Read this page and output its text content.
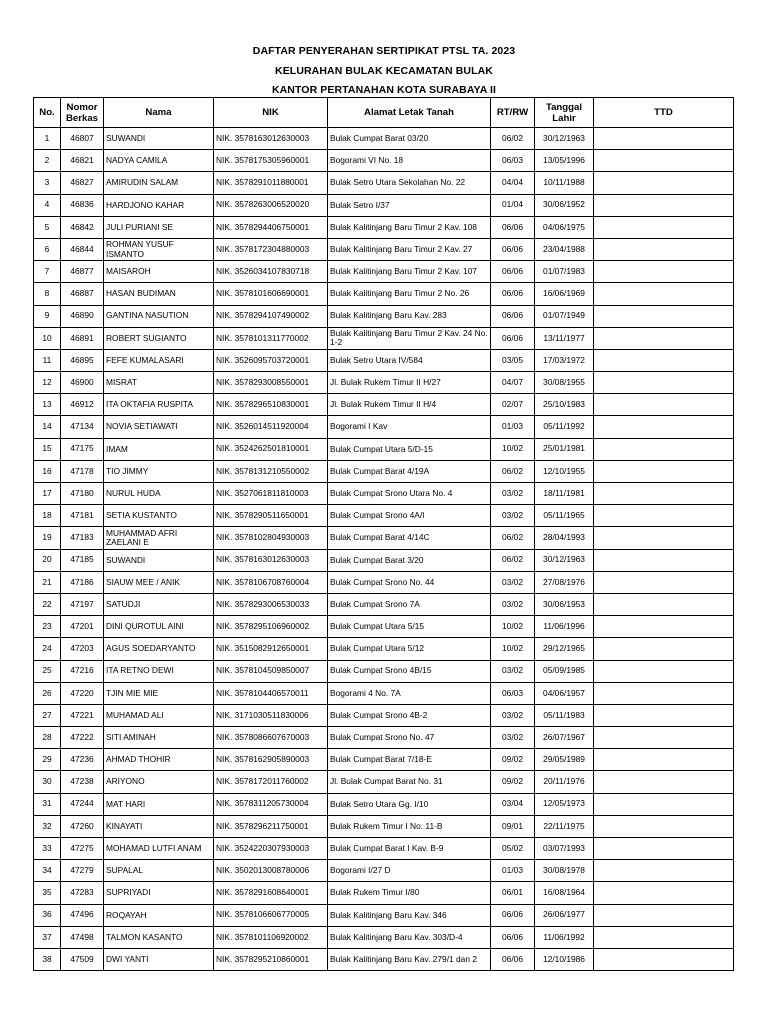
DAFTAR PENYERAHAN SERTIPIKAT PTSL TA. 2023
KELURAHAN BULAK KECAMATAN BULAK
KANTOR PERTANAHAN KOTA SURABAYA II
No.	Nomor Berkas	Nama	NIK	Alamat Letak Tanah	RT/RW	Tanggal Lahir	TTD
1	46807	SUWANDI	NIK. 3578163012630003	Bulak Cumpat Barat 03/20	06/02	30/12/1963	
2	46821	NADYA CAMILA	NIK. 3578175305960001	Bogorami VI No. 18	06/03	13/05/1996	
3	46827	AMIRUDIN SALAM	NIK. 3578291011880001	Bulak Setro Utara Sekolahan No. 22	04/04	10/11/1988	
4	46836	HARDJONO KAHAR	NIK. 3578263006520020	Bulak Setro I/37	01/04	30/06/1952	
5	46842	JULI PURIANI SE	NIK. 3578294406750001	Bulak Kalitinjang Baru Timur 2 Kav. 108	06/06	04/06/1975	
6	46844	ROHMAN YUSUF ISMANTO	NIK. 3578172304880003	Bulak Kalitinjang Baru Timur 2 Kav. 27	06/06	23/04/1988	
7	46877	MAISAROH	NIK. 3526034107830718	Bulak Kalitinjang Baru Timur 2 Kav. 107	06/06	01/07/1983	
8	46887	HASAN BUDIMAN	NIK. 3578101606690001	Bulak Kalitinjang Baru Timur 2 No. 26	06/06	16/06/1969	
9	46890	GANTINA NASUTION	NIK. 3578294107490002	Bulak Kalitinjang Baru Kav. 283	06/06	01/07/1949	
10	46891	ROBERT SUGIANTO	NIK. 3578101311770002	Bulak Kalitinjang Baru Timur 2 Kav. 24 No. 1-2	06/06	13/11/1977	
11	46895	FEFE KUMALASARI	NIK. 3526095703720001	Bulak Setro Utara IV/584	03/05	17/03/1972	
12	46900	MISRAT	NIK. 3578293008550001	Jl. Bulak Rukem Timur II H/27	04/07	30/08/1955	
13	46912	ITA OKTAFIA RUSPITA	NIK. 3578296510830001	Jl. Bulak Rukem Timur II H/4	02/07	25/10/1983	
14	47134	NOVIA SETIAWATI	NIK. 3526014511920004	Bogorami I Kav	01/03	05/11/1992	
15	47175	IMAM	NIK. 3524262501810001	Bulak Cumpat Utara 5/D-15	10/02	25/01/1981	
16	47178	TIO JIMMY	NIK. 3578131210550002	Bulak Cumpat Barat 4/19A	06/02	12/10/1955	
17	47180	NURUL HUDA	NIK. 3527061811810003	Bulak Cumpat Srono Utara No. 4	03/02	18/11/1981	
18	47181	SETIA KUSTANTO	NIK. 3578290511650001	Bulak Cumpat Srono 4A/I	03/02	05/11/1965	
19	47183	MUHAMMAD AFRI ZAELANI E	NIK. 3578102804930003	Bulak Cumpat Barat 4/14C	06/02	28/04/1993	
20	47185	SUWANDI	NIK. 3578163012630003	Bulak Cumpat Barat 3/20	06/02	30/12/1963	
21	47186	SIAUW MEE / ANIK	NIK. 3578106708760004	Bulak Cumpat Srono No. 44	03/02	27/08/1976	
22	47197	SATUDJI	NIK. 3578293006530033	Bulak Cumpat Srono 7A	03/02	30/06/1953	
23	47201	DINI QUROTUL AINI	NIK. 3578295106960002	Bulak Cumpat Utara 5/15	10/02	11/06/1996	
24	47203	AGUS SOEDARYANTO	NIK. 3515082912650001	Bulak Cumpat Utara 5/12	10/02	29/12/1965	
25	47216	ITA RETNO DEWI	NIK. 3578104509850007	Bulak Cumpat Srono 4B/15	03/02	05/09/1985	
26	47220	TJIN MIE MIE	NIK. 3578104406570011	Bogorami 4 No. 7A	06/03	04/06/1957	
27	47221	MUHAMAD ALI	NIK. 3171030511830006	Bulak Cumpat Srono 4B-2	03/02	05/11/1983	
28	47222	SITI AMINAH	NIK. 3578086607670003	Bulak Cumpat Srono No. 47	03/02	26/07/1967	
29	47236	AHMAD THOHIR	NIK. 3578162905890003	Bulak Cumpat Barat 7/18-E	09/02	29/05/1989	
30	47238	ARIYONO	NIK. 3578172011760002	Jl. Bulak Cumpat Barat No. 31	09/02	20/11/1976	
31	47244	MAT HARI	NIK. 3578311205730004	Bulak Setro Utara Gg. I/10	03/04	12/05/1973	
32	47260	KINAYATI	NIK. 3578296211750001	Bulak Rukem Timur I No. 11-B	09/01	22/11/1975	
33	47275	MOHAMAD LUTFI ANAM	NIK. 3524220307930003	Bulak Cumpat Barat I Kav. B-9	05/02	03/07/1993	
34	47279	SUPALAL	NIK. 3502013008780006	Bogorami I/27 D	01/03	30/08/1978	
35	47283	SUPRIYADI	NIK. 3578291608640001	Bulak Rukem Timur I/80	06/01	16/08/1964	
36	47496	ROQAYAH	NIK. 3578106606770005	Bulak Kalitinjang Baru Kav. 346	06/06	26/06/1977	
37	47498	TALMON KASANTO	NIK. 3578101106920002	Bulak Kalitinjang Baru Kav. 303/D-4	06/06	11/06/1992	
38	47509	DWI YANTI	NIK. 3578295210860001	Bulak Kalitinjang Baru Kav. 279/1 dan 2	06/06	12/10/1986	
